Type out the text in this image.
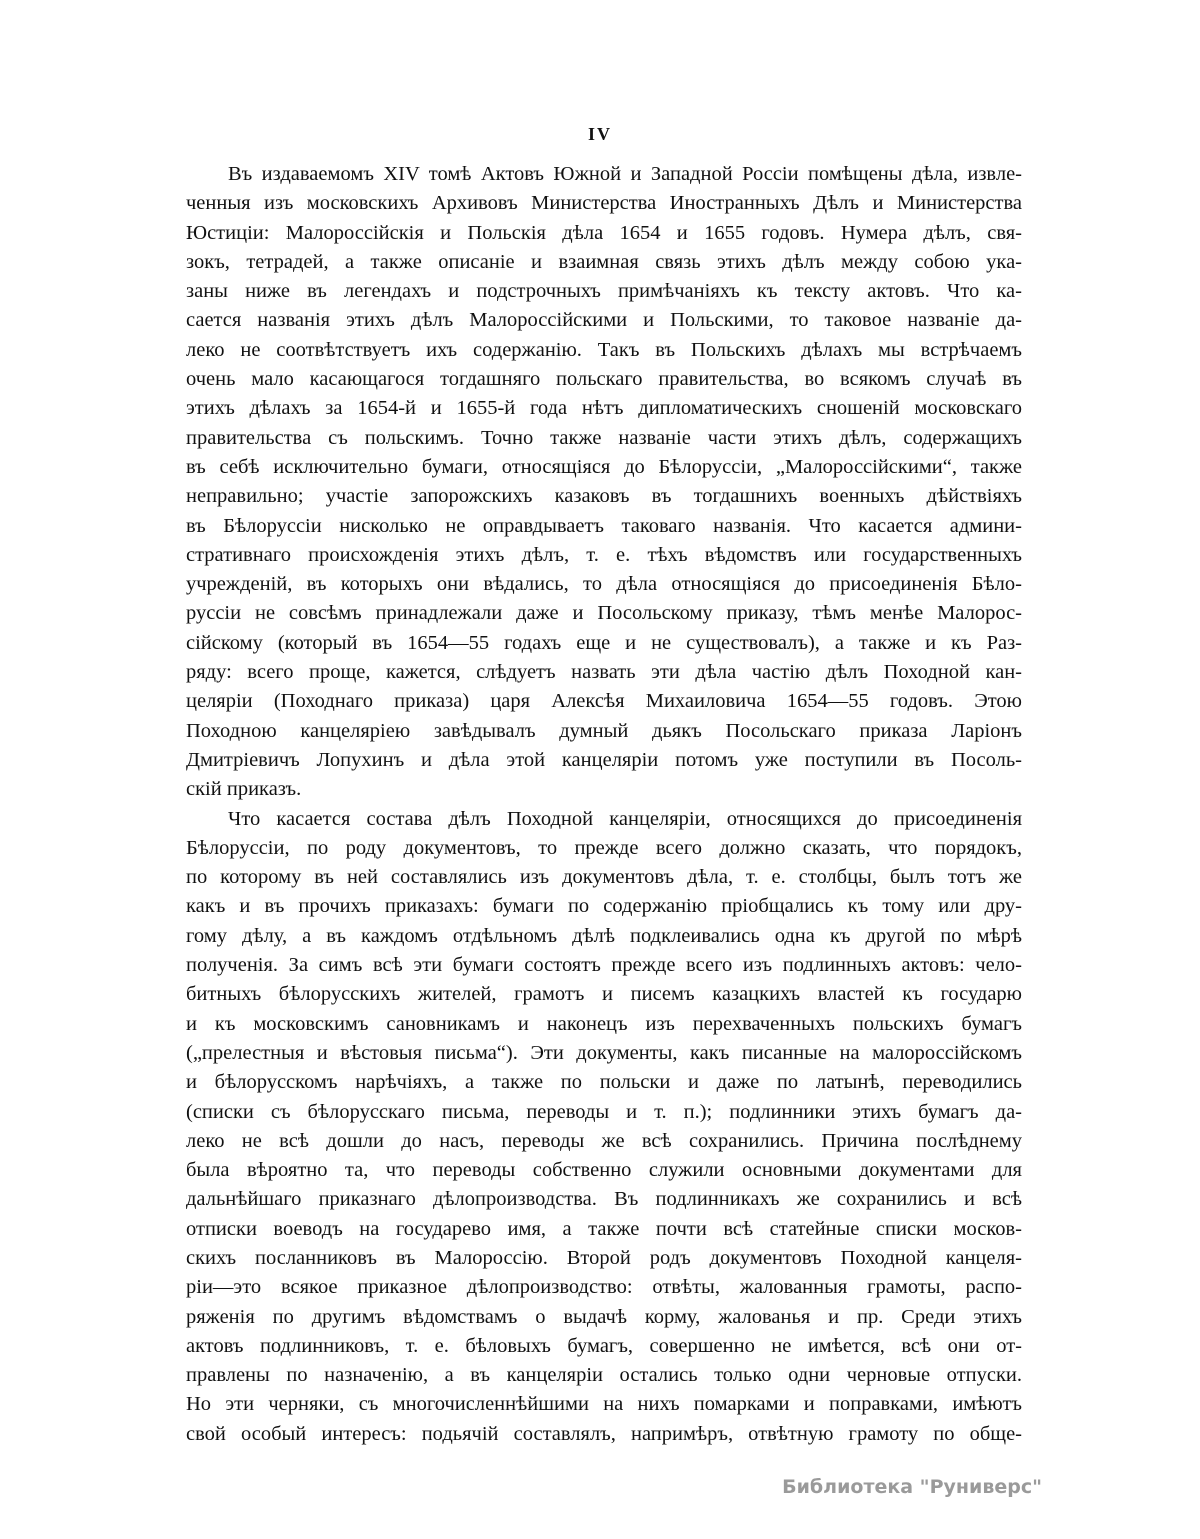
IV
Въ издаваемомъ XIV томѣ Актовъ Южной и Западной Россіи помѣщены дѣла, извле-
ченныя изъ московскихъ Архивовъ Министерства Иностранныхъ Дѣлъ и Министерства
Юстиціи: Малороссійскія и Польскія дѣла 1654 и 1655 годовъ. Нумера дѣлъ, свя-
зокъ, тетрадей, а также описаніе и взаимная связь этихъ дѣлъ между собою ука-
заны ниже въ легендахъ и подстрочныхъ примѣчаніяхъ къ тексту актовъ. Что ка-
сается названія этихъ дѣлъ Малороссійскими и Польскими, то таковое названіе да-
леко не соотвѣтствуетъ ихъ содержанію. Такъ въ Польскихъ дѣлахъ мы встрѣчаемъ
очень мало касающагося тогдашняго польскаго правительства, во всякомъ случаѣ въ
этихъ дѣлахъ за 1654-й и 1655-й года нѣтъ дипломатическихъ сношеній московскаго
правительства съ польскимъ. Точно также названіе части этихъ дѣлъ, содержащихъ
въ себѣ исключительно бумаги, относящіяся до Бѣлоруссіи, „Малороссійскими“, также
неправильно; участіе запорожскихъ казаковъ въ тогдашнихъ военныхъ дѣйствіяхъ
въ Бѣлоруссіи нисколько не оправдываетъ таковаго названія. Что касается админи-
стративнаго происхожденія этихъ дѣлъ, т. е. тѣхъ вѣдомствъ или государственныхъ
учрежденій, въ которыхъ они вѣдались, то дѣла относящіяся до присоединенія Бѣло-
руссіи не совсѣмъ принадлежали даже и Посольскому приказу, тѣмъ менѣе Малорос-
сійскому (который въ 1654—55 годахъ еще и не существовалъ), а также и къ Раз-
ряду: всего проще, кажется, слѣдуетъ назвать эти дѣла частію дѣлъ Походной кан-
целяріи (Походнаго приказа) царя Алексѣя Михаиловича 1654—55 годовъ. Этою
Походною канцеляріею завѣдывалъ думный дьякъ Посольскаго приказа Ларіонъ
Дмитріевичъ Лопухинъ и дѣла этой канцеляріи потомъ уже поступили въ Посоль-
скій приказъ.
Что касается состава дѣлъ Походной канцеляріи, относящихся до присоединенія
Бѣлоруссіи, по роду документовъ, то прежде всего должно сказать, что порядокъ,
по которому въ ней составлялись изъ документовъ дѣла, т. е. столбцы, былъ тотъ же
какъ и въ прочихъ приказахъ: бумаги по содержанію пріобщались къ тому или дру-
гому дѣлу, а въ каждомъ отдѣльномъ дѣлѣ подклеивались одна къ другой по мѣрѣ
полученія. За симъ всѣ эти бумаги состоятъ прежде всего изъ подлинныхъ актовъ: чело-
битныхъ бѣлорусскихъ жителей, грамотъ и писемъ казацкихъ властей къ государю
и къ московскимъ сановникамъ и наконецъ изъ перехваченныхъ польскихъ бумагъ
(„прелестныя и вѣстовыя письма“). Эти документы, какъ писанные на малороссійскомъ
и бѣлорусскомъ нарѣчіяхъ, а также по польски и даже по латынѣ, переводились
(списки съ бѣлорусскаго письма, переводы и т. п.); подлинники этихъ бумагъ да-
леко не всѣ дошли до насъ, переводы же всѣ сохранились. Причина послѣднему
была вѣроятно та, что переводы собственно служили основными документами для
дальнѣйшаго приказнаго дѣлопроизводства. Въ подлинникахъ же сохранились и всѣ
отписки воеводъ на государево имя, а также почти всѣ статейные списки москов-
скихъ посланниковъ въ Малороссію. Второй родъ документовъ Походной канцеля-
ріи—это всякое приказное дѣлопроизводство: отвѣты, жалованныя грамоты, распо-
ряженія по другимъ вѣдомствамъ о выдачѣ корму, жалованья и пр. Среди этихъ
актовъ подлинниковъ, т. е. бѣловыхъ бумагъ, совершенно не имѣется, всѣ они от-
правлены по назначенію, а въ канцеляріи остались только одни черновые отпуски.
Но эти черняки, съ многочисленнѣйшими на нихъ помарками и поправками, имѣютъ
свой особый интересъ: подьячій составлялъ, напримѣръ, отвѣтную грамоту по обще-
Библиотека "Руниверс"
